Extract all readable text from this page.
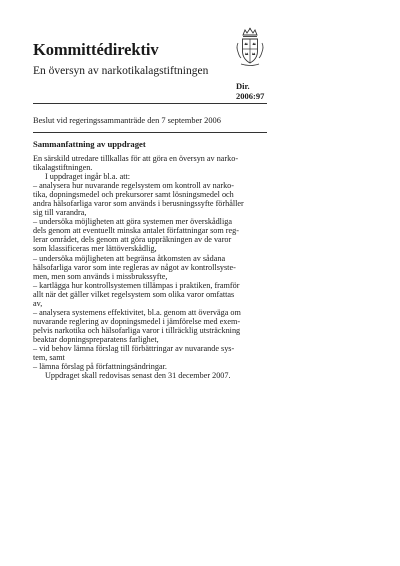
Kommittédirektiv
En översyn av narkotikalagstiftningen
Dir.
2006:97
Beslut vid regeringssammanträde den 7 september 2006
Sammanfattning av uppdraget
En särskild utredare tillkallas för att göra en översyn av narko-
tikalagstiftningen.
I uppdraget ingår bl.a. att:
– analysera hur nuvarande regelsystem om kontroll av narko-
tika, dopningsmedel och prekursorer samt lösningsmedel och
andra hälsofarliga varor som används i berusningssyfte förhåller
sig till varandra,
– undersöka möjligheten att göra systemen mer överskådliga
dels genom att eventuellt minska antalet författningar som reg-
lerar området, dels genom att göra uppräkningen av de varor
som klassificeras mer lättöverskådlig,
– undersöka möjligheten att begränsa åtkomsten av sådana
hälsofarliga varor som inte regleras av något av kontrollsyste-
men, men som används i missbrukssyfte,
– kartlägga hur kontrollsystemen tillämpas i praktiken, framför
allt när det gäller vilket regelsystem som olika varor omfattas
av,
– analysera systemens effektivitet, bl.a. genom att överväga om
nuvarande reglering av dopningsmedel i jämförelse med exem-
pelvis narkotika och hälsofarliga varor i tillräcklig utsträckning
beaktar dopningspreparatens farlighet,
– vid behov lämna förslag till förbättringar av nuvarande sys-
tem, samt
– lämna förslag på författningsändringar.
Uppdraget skall redovisas senast den 31 december 2007.
